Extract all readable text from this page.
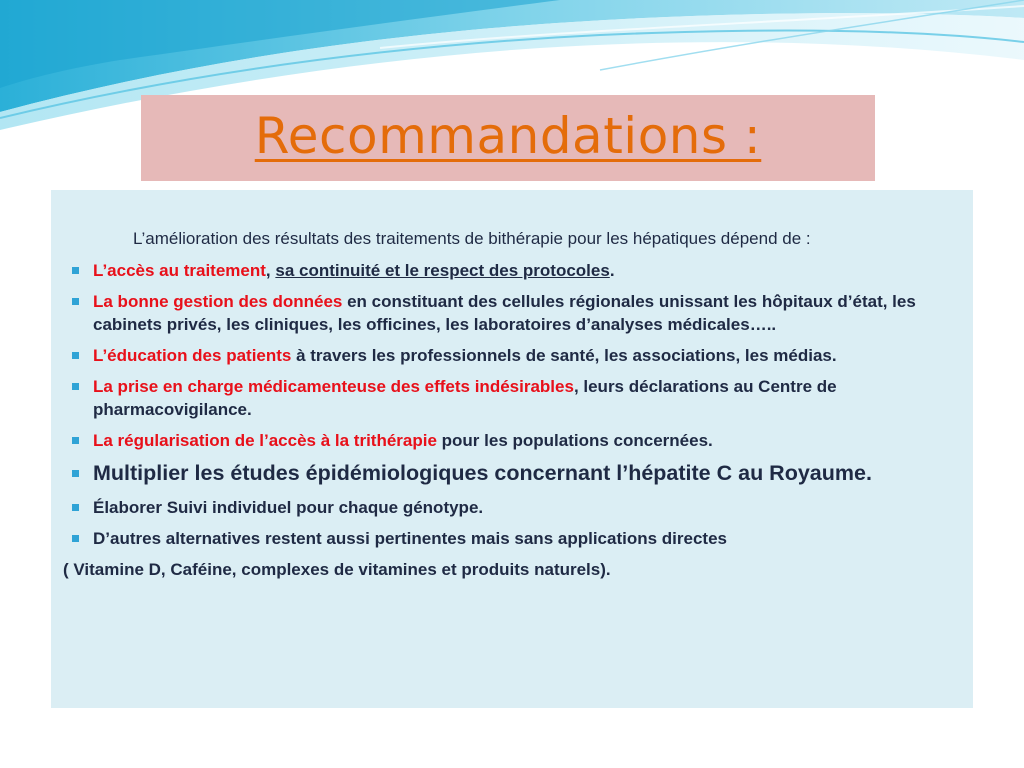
Recommandations :

L’amélioration des résultats des traitements de bithérapie pour les hépatiques dépend de :

L’accès au traitement, sa continuité et le respect des protocoles.
La bonne gestion des données en constituant des cellules régionales unissant les hôpitaux d’état, les cabinets privés, les cliniques, les officines, les laboratoires d’analyses médicales…..
L’éducation des patients à travers les professionnels de santé, les associations, les médias.
La prise en charge médicamenteuse des effets indésirables, leurs déclarations au Centre de pharmacovigilance.
La régularisation de l’accès à la trithérapie pour les populations concernées.
Multiplier les études épidémiologiques concernant l’hépatite C au Royaume.
Élaborer Suivi individuel pour chaque génotype.
D’autres alternatives restent aussi pertinentes mais sans applications directes

( Vitamine D, Caféine, complexes de vitamines et produits naturels).
